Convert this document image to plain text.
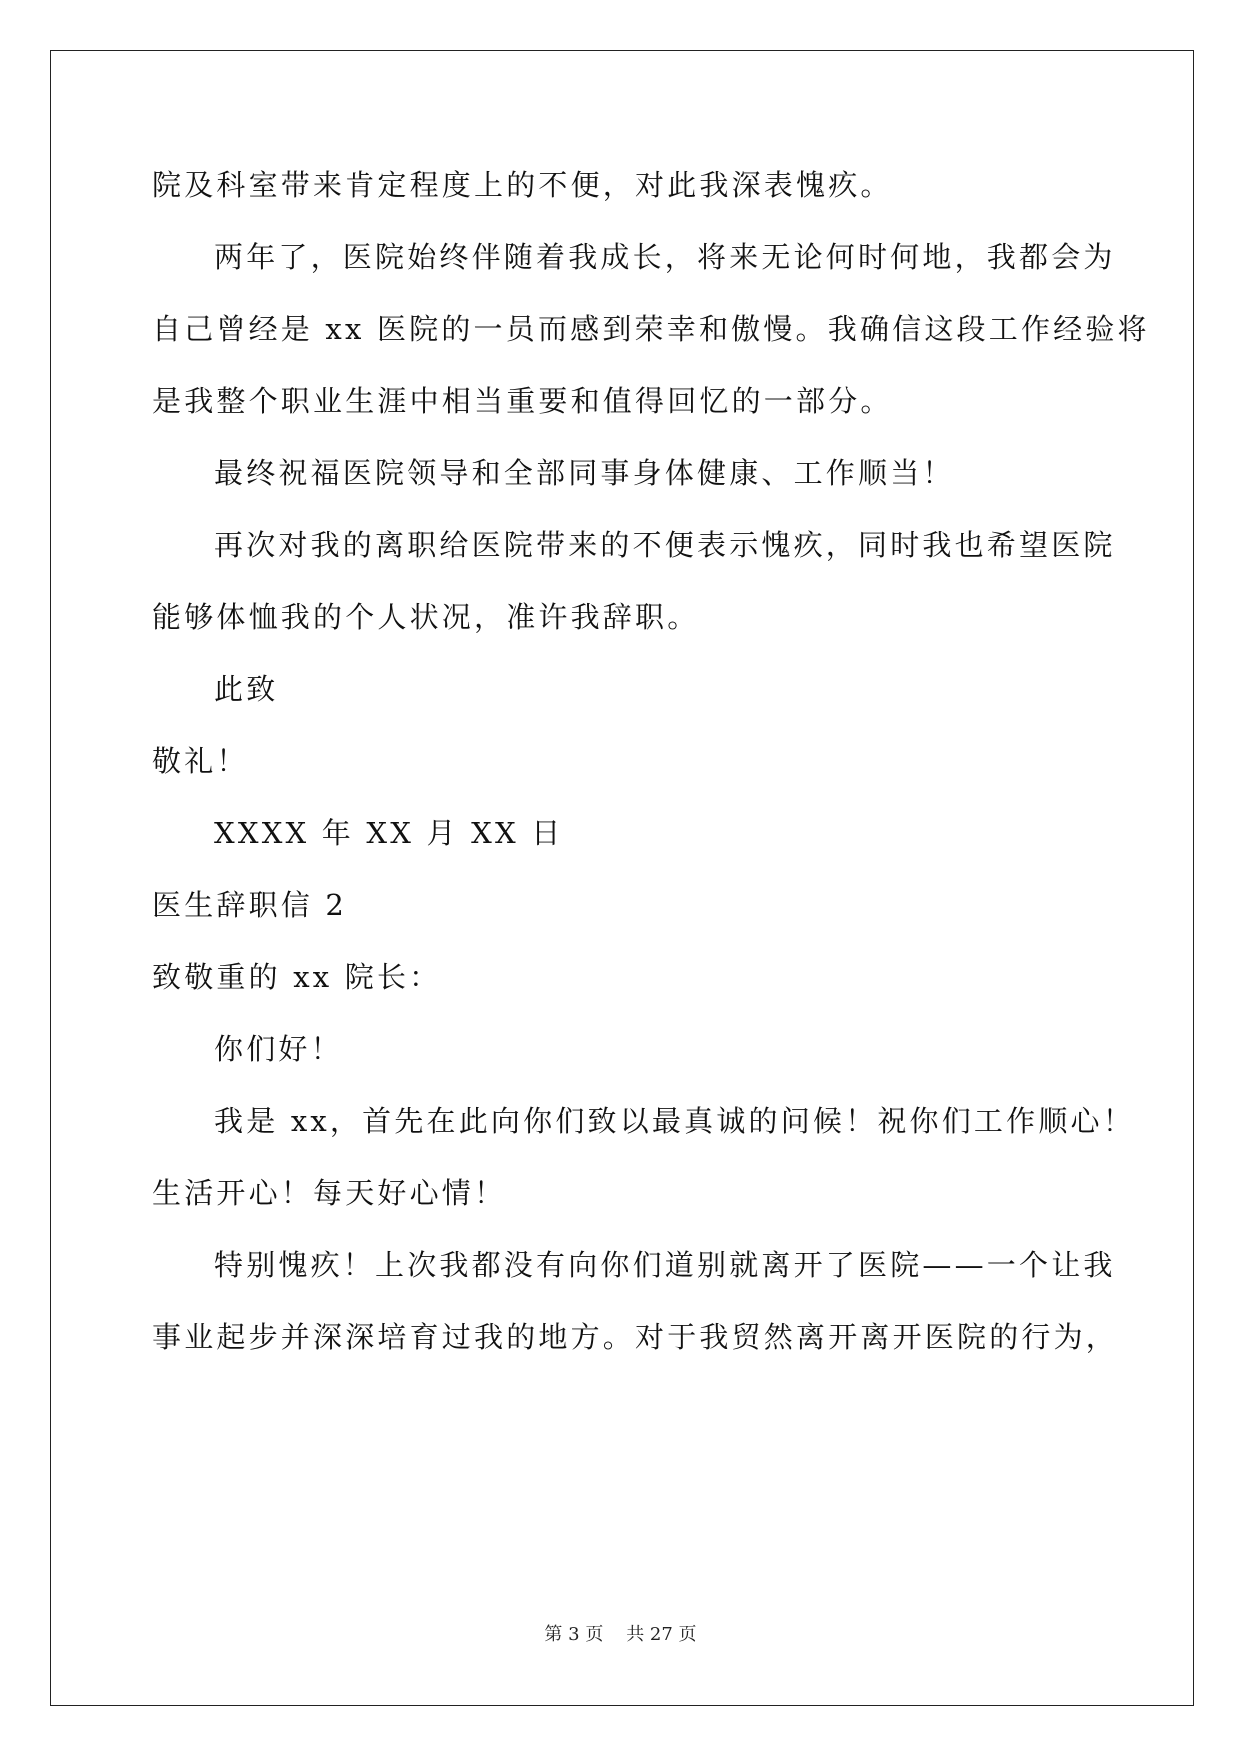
院及科室带来肯定程度上的不便，对此我深表愧疚。
两年了，医院始终伴随着我成长，将来无论何时何地，我都会为
自己曾经是 xx 医院的一员而感到荣幸和傲慢。我确信这段工作经验将
是我整个职业生涯中相当重要和值得回忆的一部分。
最终祝福医院领导和全部同事身体健康、工作顺当！
再次对我的离职给医院带来的不便表示愧疚，同时我也希望医院
能够体恤我的个人状况，准许我辞职。
此致
敬礼！
XXXX 年 XX 月 XX 日
医生辞职信 2
致敬重的 xx 院长：
你们好！
我是 xx，首先在此向你们致以最真诚的问候！祝你们工作顺心！
生活开心！每天好心情！
特别愧疚！上次我都没有向你们道别就离开了医院——一个让我
事业起步并深深培育过我的地方。对于我贸然离开离开医院的行为，
第 3 页    共 27 页
